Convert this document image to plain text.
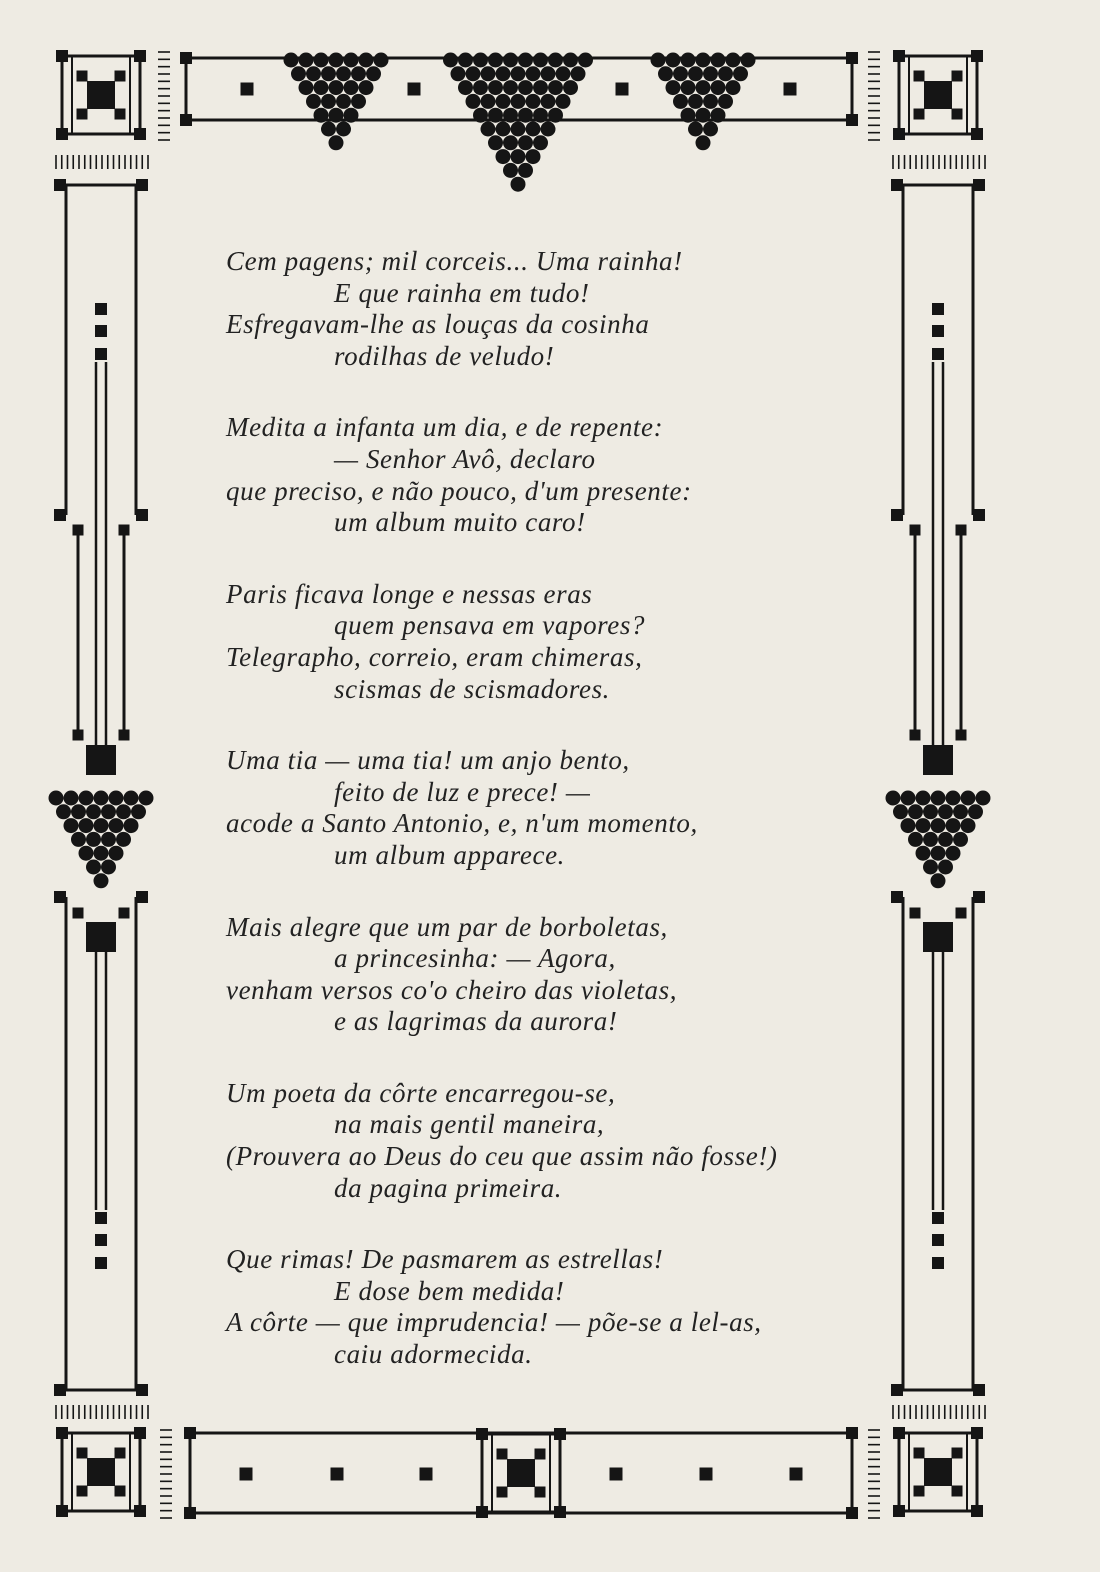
Cem pagens; mil corceis... Uma rainha!
E que rainha em tudo!
Esfregavam-lhe as louças da cosinha
rodilhas de veludo!
Medita a infanta um dia, e de repente:
— Senhor Avô, declaro
que preciso, e não pouco, d'um presente:
um album muito caro!
Paris ficava longe e nessas eras
quem pensava em vapores?
Telegrapho, correio, eram chimeras,
scismas de scismadores.
Uma tia — uma tia! um anjo bento,
feito de luz e prece! —
acode a Santo Antonio, e, n'um momento,
um album apparece.
Mais alegre que um par de borboletas,
a princesinha: — Agora,
venham versos co'o cheiro das violetas,
e as lagrimas da aurora!
Um poeta da côrte encarregou-se,
na mais gentil maneira,
(Prouvera ao Deus do ceu que assim não fosse!)
da pagina primeira.
Que rimas! De pasmarem as estrellas!
E dose bem medida!
A côrte — que imprudencia! — põe-se a lel-as,
caiu adormecida.
